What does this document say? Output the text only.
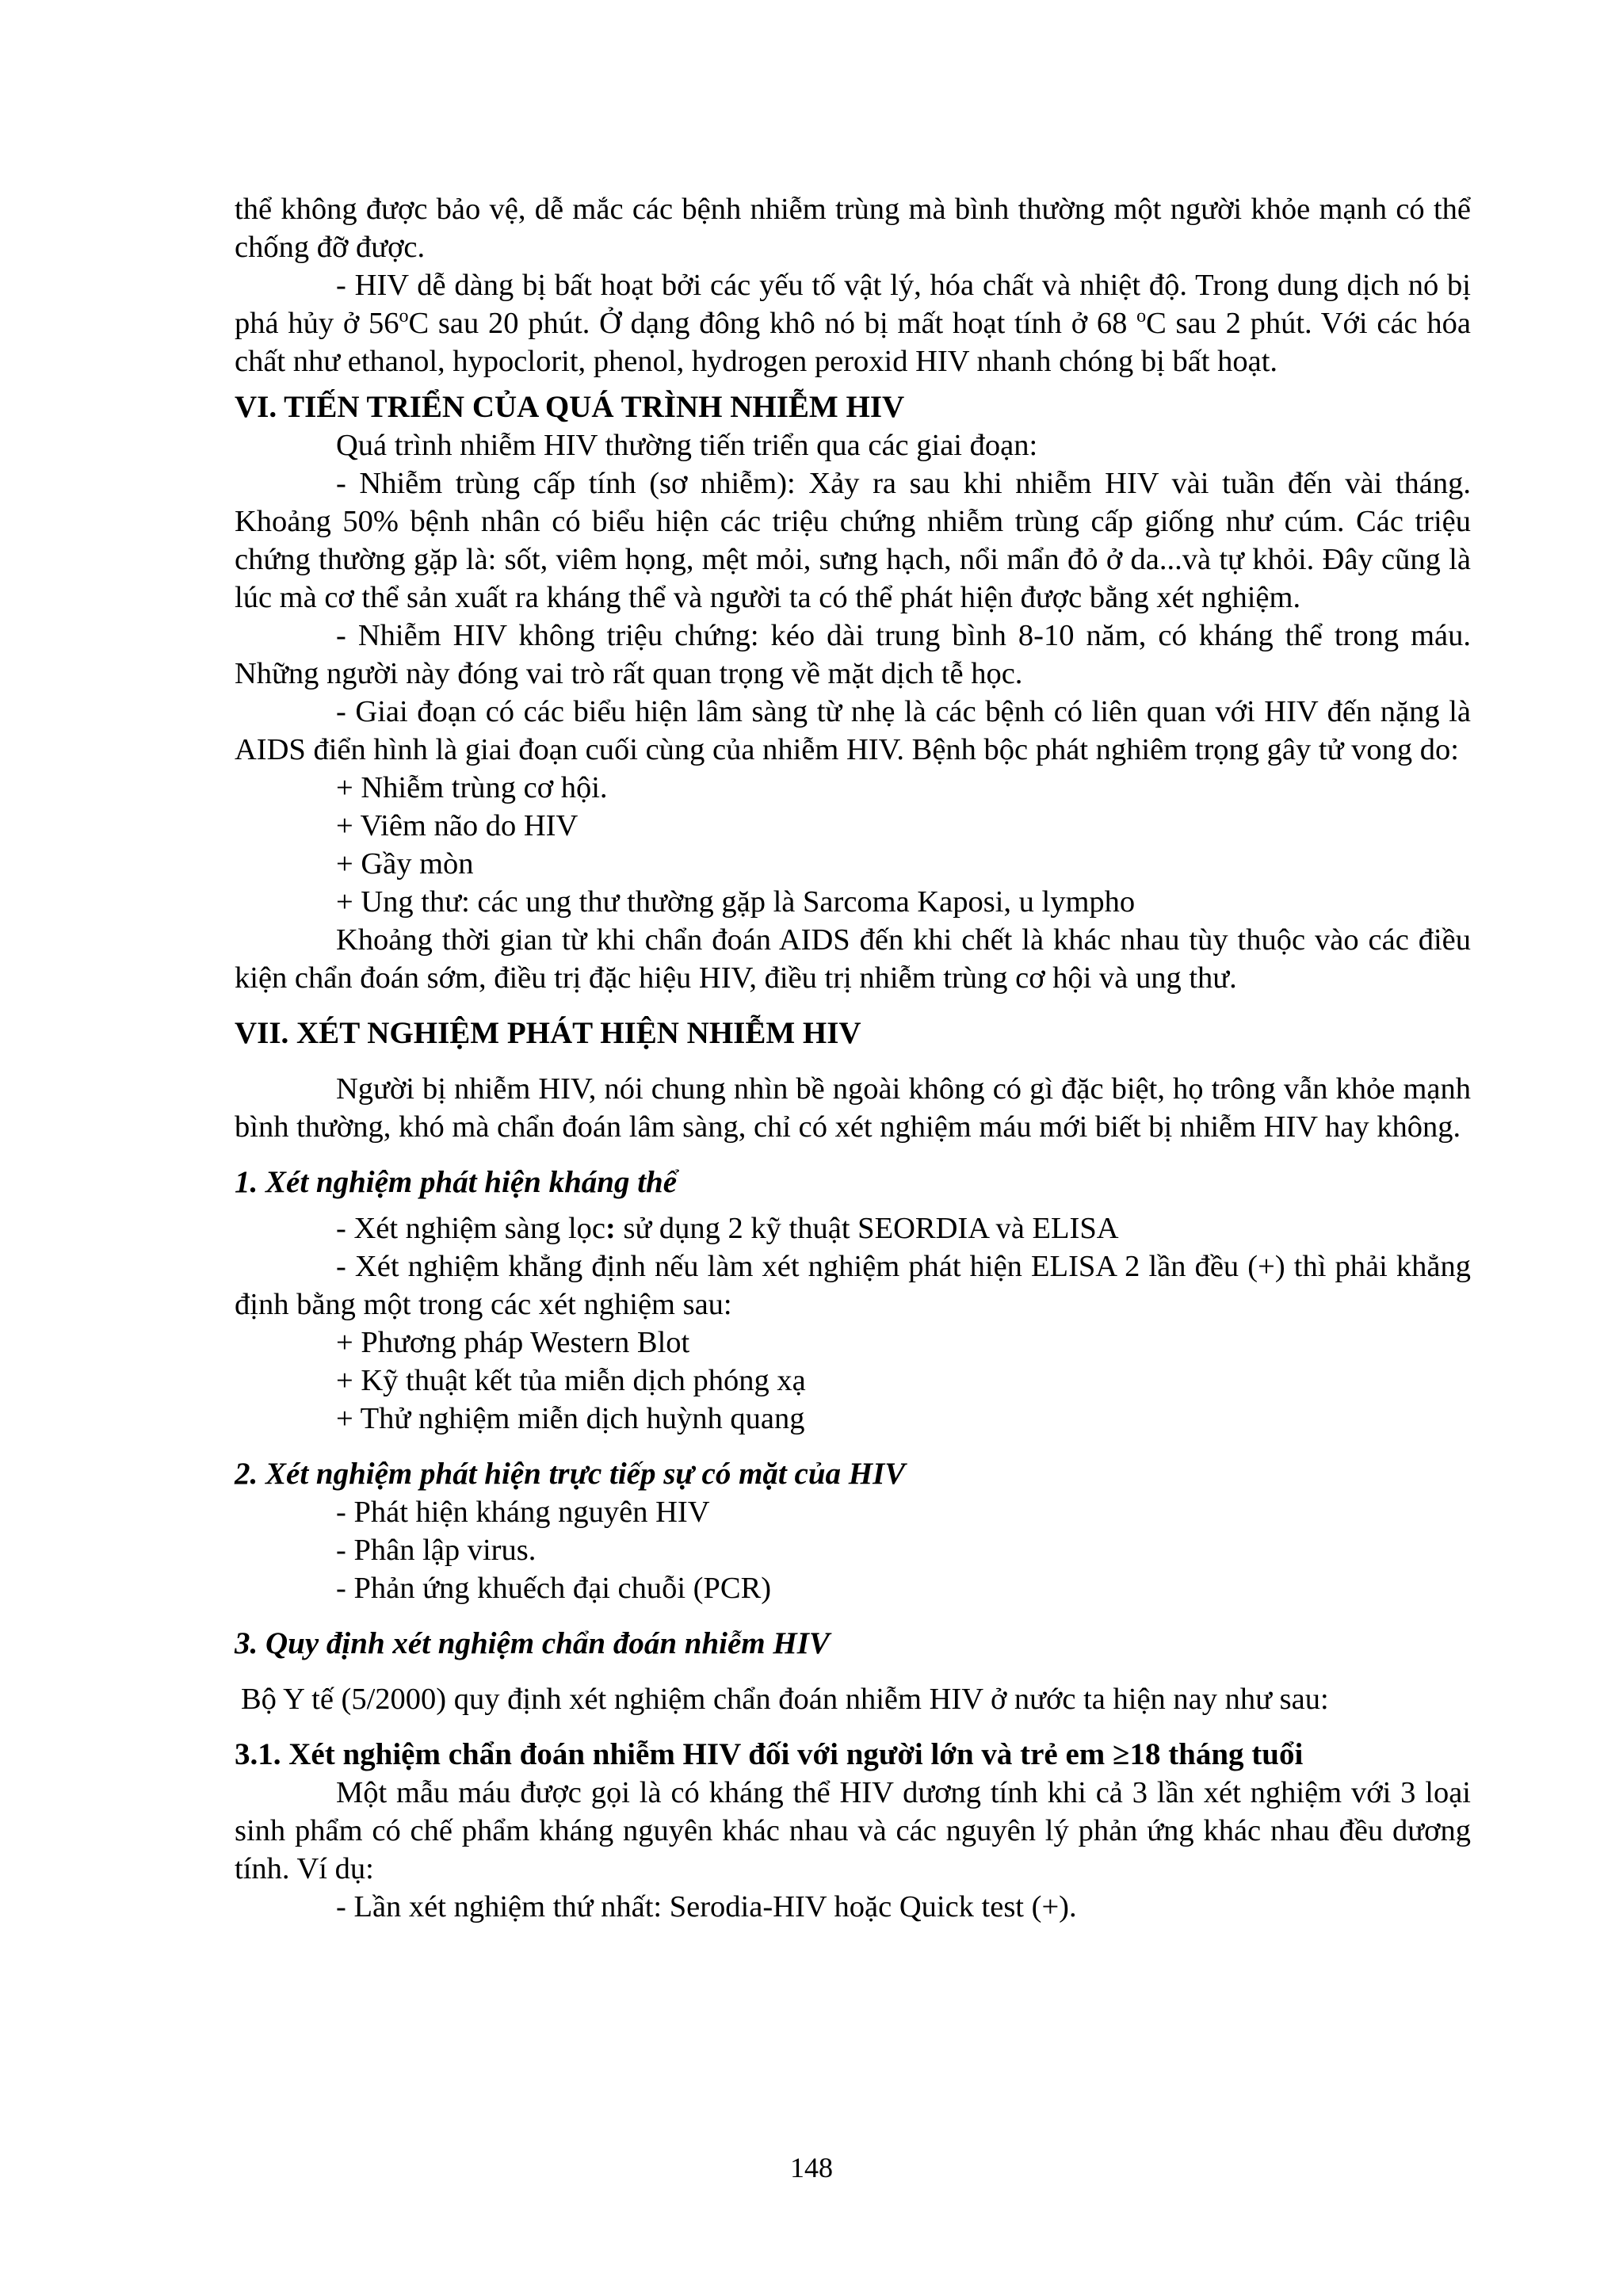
thể không được bảo vệ, dễ mắc các bệnh nhiễm trùng mà bình thường một người khỏe mạnh có thể chống đỡ được.

- HIV dễ dàng bị bất hoạt bởi các yếu tố vật lý, hóa chất và nhiệt độ. Trong dung dịch nó bị phá hủy ở 56$^o$C sau 20 phút. Ở dạng đông khô nó bị mất hoạt tính ở 68 $^o$C sau 2 phút. Với các hóa chất như ethanol, hypoclorit, phenol, hydrogen peroxid HIV nhanh chóng bị bất hoạt.

VI. TIẾN TRIỂN CỦA QUÁ TRÌNH NHIỄM HIV

Quá trình nhiễm HIV thường tiến triển qua các giai đoạn:

- Nhiễm trùng cấp tính (sơ nhiễm): Xảy ra sau khi nhiễm HIV vài tuần đến vài tháng. Khoảng 50% bệnh nhân có biểu hiện các triệu chứng nhiễm trùng cấp giống như cúm. Các triệu chứng thường gặp là: sốt, viêm họng, mệt mỏi, sưng hạch, nổi mẩn đỏ ở da...và tự khỏi. Đây cũng là lúc mà cơ thể sản xuất ra kháng thể và người ta có thể phát hiện được bằng xét nghiệm.

- Nhiễm HIV không triệu chứng: kéo dài trung bình 8-10 năm, có kháng thể trong máu. Những người này đóng vai trò rất quan trọng về mặt dịch tễ học.

- Giai đoạn có các biểu hiện lâm sàng từ nhẹ là các bệnh có liên quan với HIV đến nặng là AIDS điển hình là giai đoạn cuối cùng của nhiễm HIV. Bệnh bộc phát nghiêm trọng gây tử vong do:

+ Nhiễm trùng cơ hội.

+ Viêm não do HIV

+ Gầy mòn

+ Ung thư: các ung thư thường gặp là Sarcoma Kaposi, u lympho

Khoảng thời gian từ khi chẩn đoán AIDS đến khi chết là khác nhau tùy thuộc vào các điều kiện chẩn đoán sớm, điều trị đặc hiệu HIV, điều trị nhiễm trùng cơ hội và ung thư.

VII. XÉT NGHIỆM PHÁT HIỆN NHIỄM HIV

Người bị nhiễm HIV, nói chung nhìn bề ngoài không có gì đặc biệt, họ trông vẫn khỏe mạnh bình thường, khó mà chẩn đoán lâm sàng, chỉ có xét nghiệm máu mới biết bị nhiễm HIV hay không.

1. Xét nghiệm phát hiện kháng thể

- Xét nghiệm sàng lọc: sử dụng 2 kỹ thuật SEORDIA và ELISA

- Xét nghiệm khẳng định nếu làm xét nghiệm phát hiện ELISA 2 lần đều (+) thì phải khẳng định bằng một trong các xét nghiệm sau:

+ Phương pháp Western Blot

+ Kỹ thuật kết tủa miễn dịch phóng xạ

+ Thử nghiệm miễn dịch huỳnh quang

2. Xét nghiệm phát hiện trực tiếp sự có mặt của HIV

- Phát hiện kháng nguyên HIV

- Phân lập virus.

- Phản ứng khuếch đại chuỗi (PCR)

3. Quy định xét nghiệm chẩn đoán nhiễm HIV

Bộ Y tế (5/2000) quy định xét nghiệm chẩn đoán nhiễm HIV ở nước ta hiện nay như sau:

3.1. Xét nghiệm chẩn đoán nhiễm HIV đối với người lớn và trẻ em ≥18 tháng tuổi

Một mẫu máu được gọi là có kháng thể HIV dương tính khi cả 3 lần xét nghiệm với 3 loại sinh phẩm có chế phẩm kháng nguyên khác nhau và các nguyên lý phản ứng khác nhau đều dương tính. Ví dụ:

- Lần xét nghiệm thứ nhất: Serodia-HIV hoặc Quick test (+).

148
